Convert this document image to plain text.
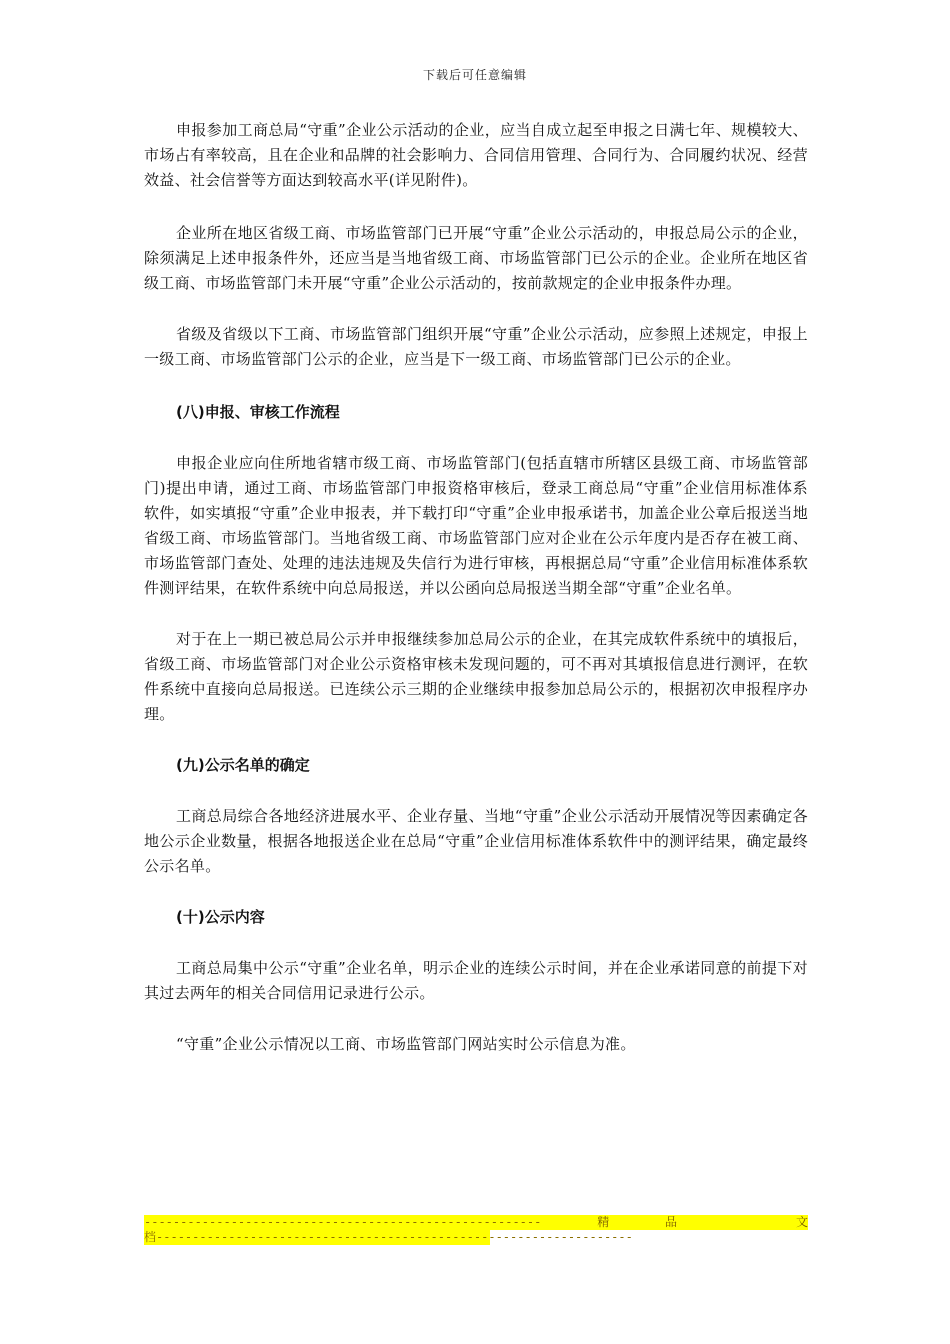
下载后可任意编辑

申报参加工商总局“守重”企业公示活动的企业，应当自成立起至申报之日满七年、规模较大、市场占有率较高，且在企业和品牌的社会影响力、合同信用管理、合同行为、合同履约状况、经营效益、社会信誉等方面达到较高水平(详见附件)。

企业所在地区省级工商、市场监管部门已开展“守重”企业公示活动的，申报总局公示的企业，除须满足上述申报条件外，还应当是当地省级工商、市场监管部门已公示的企业。企业所在地区省级工商、市场监管部门未开展“守重”企业公示活动的，按前款规定的企业申报条件办理。

省级及省级以下工商、市场监管部门组织开展“守重”企业公示活动，应参照上述规定，申报上一级工商、市场监管部门公示的企业，应当是下一级工商、市场监管部门已公示的企业。

(八)申报、审核工作流程

申报企业应向住所地省辖市级工商、市场监管部门(包括直辖市所辖区县级工商、市场监管部门)提出申请，通过工商、市场监管部门申报资格审核后，登录工商总局“守重”企业信用标准体系软件，如实填报“守重”企业申报表，并下载打印“守重”企业申报承诺书，加盖企业公章后报送当地省级工商、市场监管部门。当地省级工商、市场监管部门应对企业在公示年度内是否存在被工商、市场监管部门查处、处理的违法违规及失信行为进行审核，再根据总局“守重”企业信用标准体系软件测评结果，在软件系统中向总局报送，并以公函向总局报送当期全部“守重”企业名单。

对于在上一期已被总局公示并申报继续参加总局公示的企业，在其完成软件系统中的填报后，省级工商、市场监管部门对企业公示资格审核未发现问题的，可不再对其填报信息进行测评，在软件系统中直接向总局报送。已连续公示三期的企业继续申报参加总局公示的，根据初次申报程序办理。

(九)公示名单的确定

工商总局综合各地经济进展水平、企业存量、当地“守重”企业公示活动开展情况等因素确定各地公示企业数量，根据各地报送企业在总局“守重”企业信用标准体系软件中的测评结果，确定最终公示名单。

(十)公示内容

工商总局集中公示“守重”企业名单，明示企业的连续公示时间，并在企业承诺同意的前提下对其过去两年的相关合同信用记录进行公示。

“守重”企业公示情况以工商、市场监管部门网站实时公示信息为准。

-------------------------------------------------------	精	品
	文
档------------------------------------------------------------------
